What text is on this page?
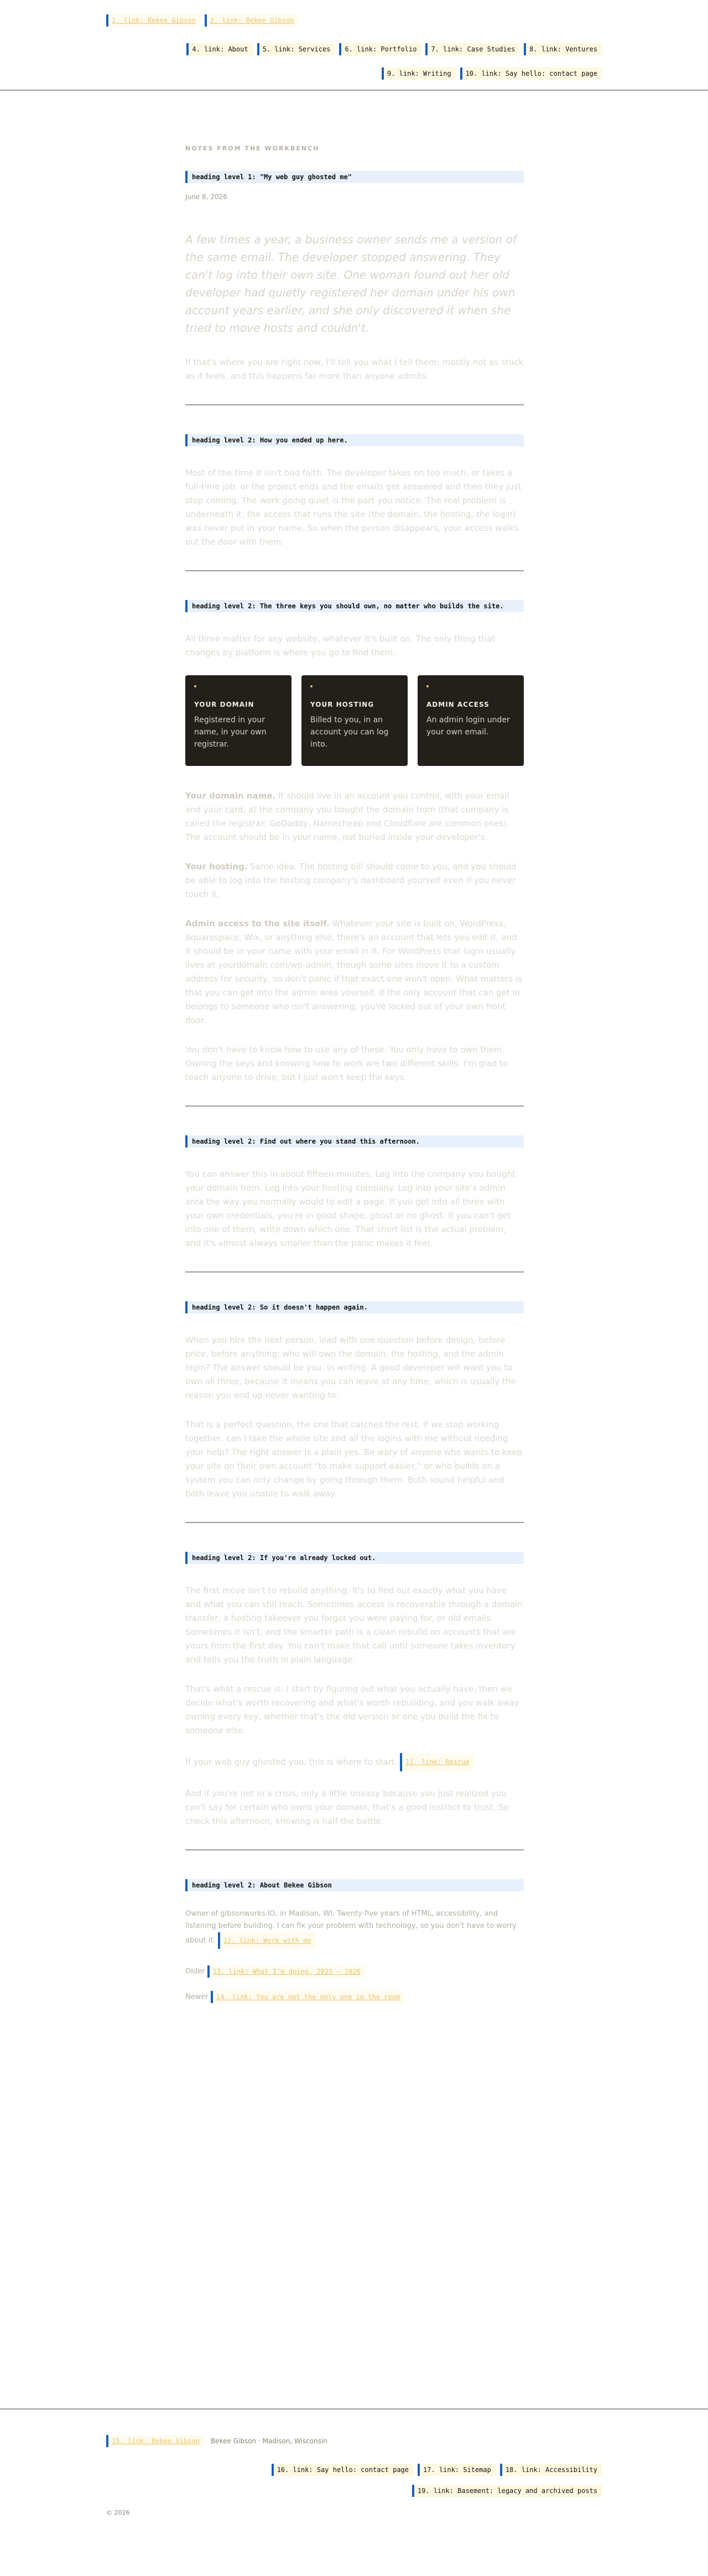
1. link: Bekee Gibson	2. link: Bekee Gibson
4. link: About	5. link: Services	6. link: Portfolio	7. link: Case Studies	8. link: Ventures
9. link: Writing	10. link: Say hello: contact page
NOTES FROM THE WORKBENCH
heading level 1: "My web guy ghosted me"
June 8, 2026

A few times a year, a business owner sends me a version of the same email. The developer stopped answering. They can't log into their own site. One woman found out her old developer had quietly registered her domain under his own account years earlier, and she only discovered it when she tried to move hosts and couldn't.

If that's where you are right now, I'll tell you what I tell them: mostly not as stuck as it feels, and this happens far more than anyone admits.

heading level 2: How you ended up here.

Most of the time it isn't bad faith. The developer takes on too much, or takes a full-time job, or the project ends and the emails get answered and then they just stop coming. The work going quiet is the part you notice. The real problem is underneath it: the access that runs the site (the domain, the hosting, the login) was never put in your name. So when the person disappears, your access walks out the door with them.

heading level 2: The three keys you should own, no matter who builds the site.

All three matter for any website, whatever it's built on. The only thing that changes by platform is where you go to find them.

YOUR DOMAIN
Registered in your name, in your own registrar.
YOUR HOSTING
Billed to you, in an account you can log into.
ADMIN ACCESS
An admin login under your own email.

Your domain name. It should live in an account you control, with your email and your card, at the company you bought the domain from (that company is called the registrar; GoDaddy, Namecheap and Cloudflare are common ones). The account should be in your name, not buried inside your developer's.

Your hosting. Same idea. The hosting bill should come to you, and you should be able to log into the hosting company's dashboard yourself even if you never touch it.

Admin access to the site itself. Whatever your site is built on, WordPress, Squarespace, Wix, or anything else, there's an account that lets you edit it, and it should be in your name with your email in it. For WordPress that login usually lives at yourdomain.com/wp-admin, though some sites move it to a custom address for security, so don't panic if that exact one won't open. What matters is that you can get into the admin area yourself. If the only account that can get in belongs to someone who isn't answering, you're locked out of your own front door.

You don't have to know how to use any of these. You only have to own them. Owning the keys and knowing how to work are two different skills. I'm glad to teach anyone to drive, but I just won't keep the keys.

heading level 2: Find out where you stand this afternoon.

You can answer this in about fifteen minutes. Log into the company you bought your domain from. Log into your hosting company. Log into your site's admin area the way you normally would to edit a page. If you get into all three with your own credentials, you're in good shape, ghost or no ghost. If you can't get into one of them, write down which one. That short list is the actual problem, and it's almost always smaller than the panic makes it feel.

heading level 2: So it doesn't happen again.

When you hire the next person, lead with one question before design, before price, before anything: who will own the domain, the hosting, and the admin login? The answer should be you. In writing. A good developer will want you to own all three, because it means you can leave at any time, which is usually the reason you end up never wanting to.

That is a perfect question, the one that catches the rest. If we stop working together, can I take the whole site and all the logins with me without needing your help? The right answer is a plain yes. Be wary of anyone who wants to keep your site on their own account "to make support easier," or who builds on a system you can only change by going through them. Both sound helpful and both leave you unable to walk away.

heading level 2: If you're already locked out.

The first move isn't to rebuild anything. It's to find out exactly what you have and what you can still reach. Sometimes access is recoverable through a domain transfer, a hosting takeover you forgot you were paying for, or old emails. Sometimes it isn't, and the smarter path is a clean rebuild on accounts that are yours from the first day. You can't make that call until someone takes inventory and tells you the truth in plain language.

That's what a rescue is: I start by figuring out what you actually have, then we decide what's worth recovering and what's worth rebuilding, and you walk away owning every key, whether that's the old version or one you build the fix to someone else.

If your web guy ghosted you, this is where to start. 11. link: Rescue

And if you're not in a crisis, only a little uneasy because you just realized you can't say for certain who owns your domain, that's a good instinct to trust. So check this afternoon; knowing is half the battle.

heading level 2: About Bekee Gibson

Owner of gibsonworks.IO, in Madison, WI. Twenty-five years of HTML, accessibility, and listening before building. I can fix your problem with technology, so you don't have to worry about it. 12. link: Work with me

Older 13. link: What I'm doing, 2025 — 2026
Newer 14. link: You are not the only one in the room
15. link: Bekee Gibson	Bekee Gibson · Madison, Wisconsin
16. link: Say hello: contact page	17. link: Sitemap	18. link: Accessibility
19. link: Basement: legacy and archived posts
© 2026
